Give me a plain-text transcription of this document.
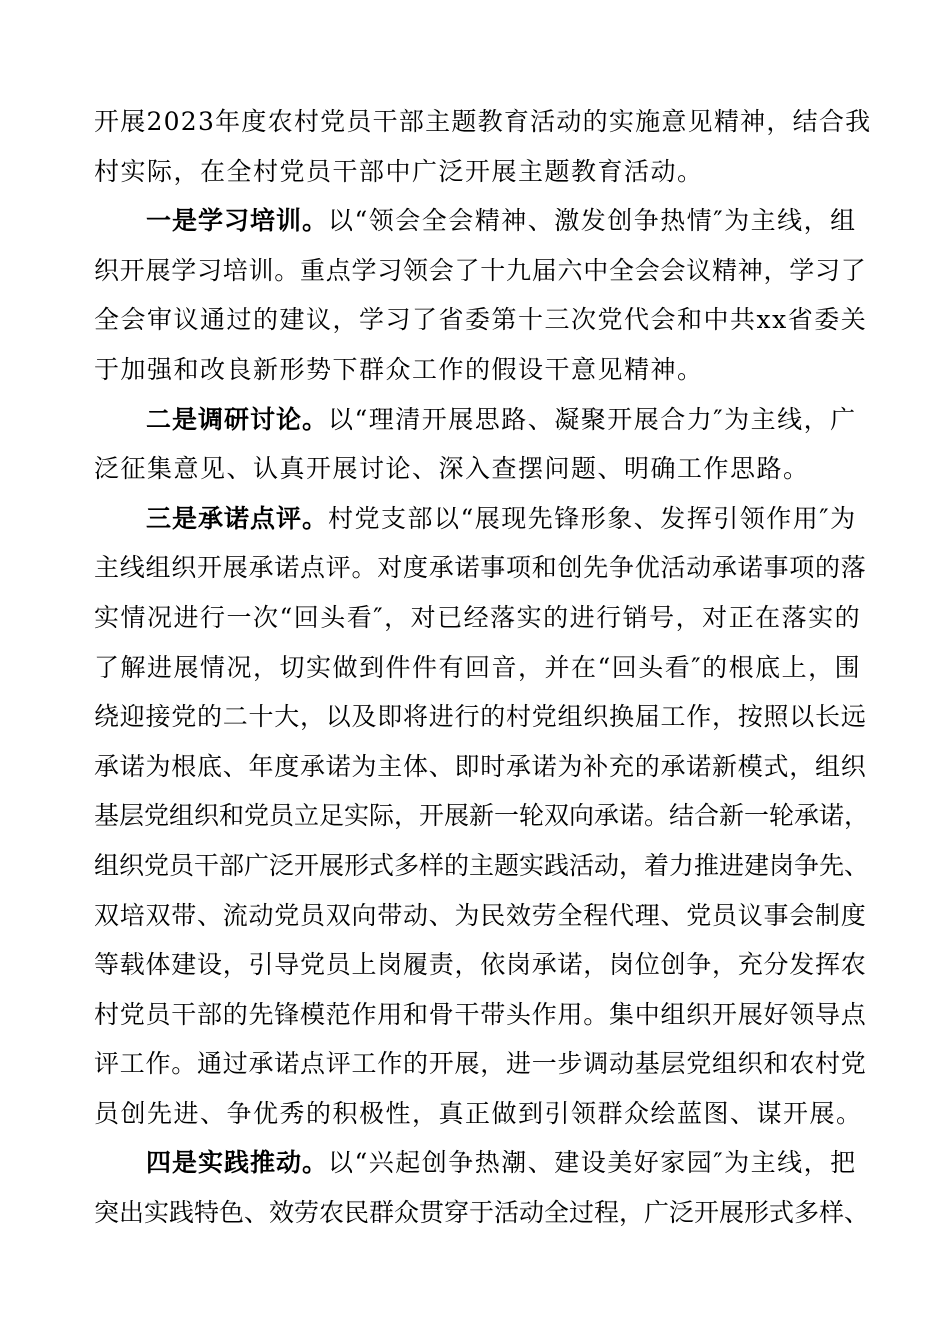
开展2023年度农村党员干部主题教育活动的实施意见精神，结合我
村实际，在全村党员干部中广泛开展主题教育活动。
一是学习培训。以“领会全会精神、激发创争热情″为主线，组
织开展学习培训。重点学习领会了十九届六中全会会议精神，学习了
全会审议通过的建议，学习了省委第十三次党代会和中共xx省委关
于加强和改良新形势下群众工作的假设干意见精神。
二是调研讨论。以“理清开展思路、凝聚开展合力″为主线，广
泛征集意见、认真开展讨论、深入查摆问题、明确工作思路。
三是承诺点评。村党支部以“展现先锋形象、发挥引领作用″为
主线组织开展承诺点评。对度承诺事项和创先争优活动承诺事项的落
实情况进行一次“回头看″，对已经落实的进行销号，对正在落实的
了解进展情况，切实做到件件有回音，并在“回头看″的根底上，围
绕迎接党的二十大，以及即将进行的村党组织换届工作，按照以长远
承诺为根底、年度承诺为主体、即时承诺为补充的承诺新模式，组织
基层党组织和党员立足实际，开展新一轮双向承诺。结合新一轮承诺，
组织党员干部广泛开展形式多样的主题实践活动，着力推进建岗争先、
双培双带、流动党员双向带动、为民效劳全程代理、党员议事会制度
等载体建设，引导党员上岗履责，依岗承诺，岗位创争，充分发挥农
村党员干部的先锋模范作用和骨干带头作用。集中组织开展好领导点
评工作。通过承诺点评工作的开展，进一步调动基层党组织和农村党
员创先进、争优秀的积极性，真正做到引领群众绘蓝图、谋开展。
四是实践推动。以“兴起创争热潮、建设美好家园″为主线，把
突出实践特色、效劳农民群众贯穿于活动全过程，广泛开展形式多样、
